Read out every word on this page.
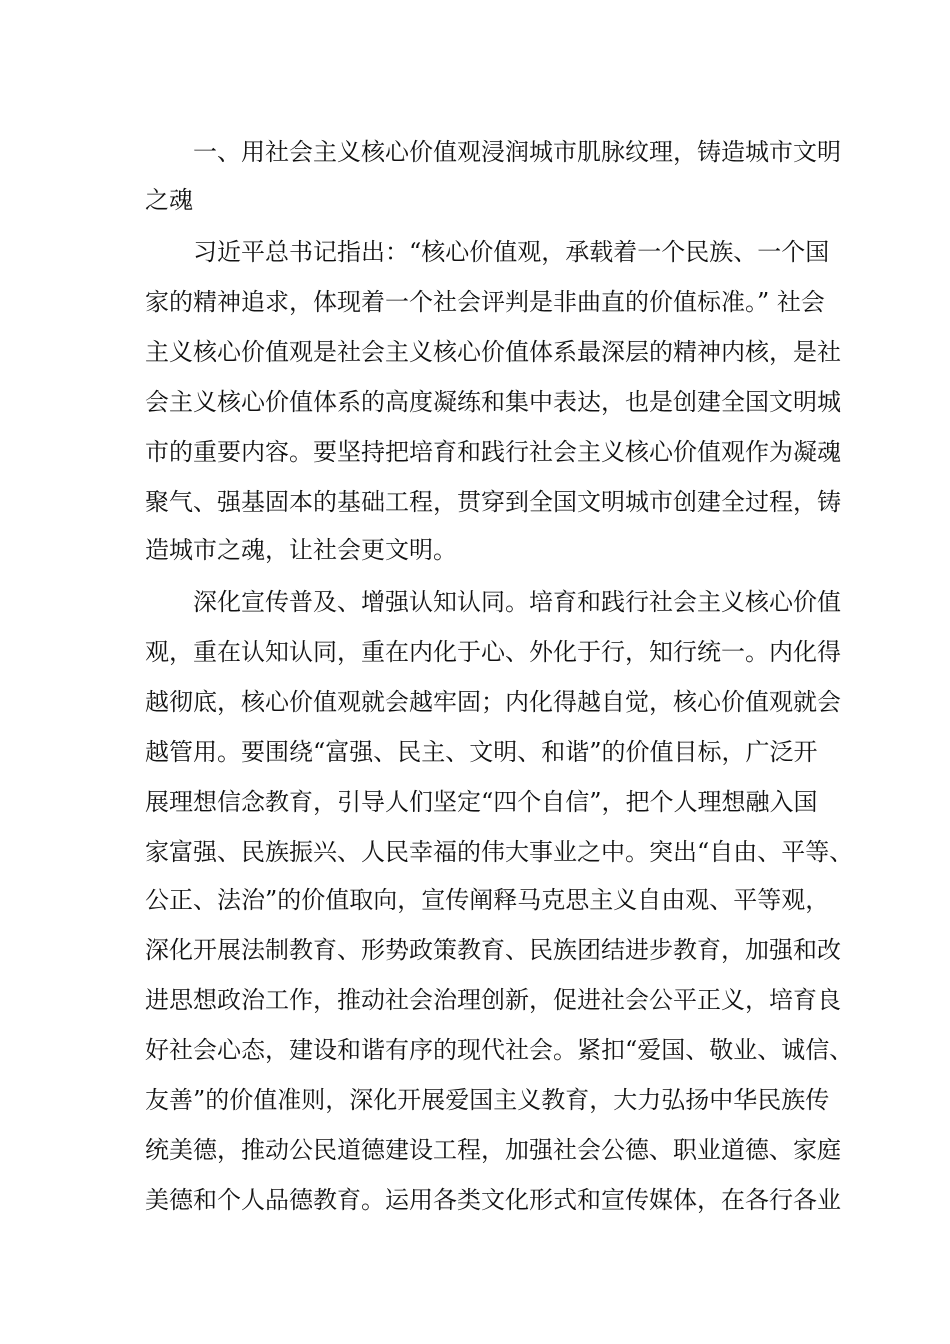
一、用社会主义核心价值观浸润城市肌脉纹理，铸造城市文明
之魂
习近平总书记指出：“核心价值观，承载着一个民族、一个国
家的精神追求，体现着一个社会评判是非曲直的价值标准。” 社会
主义核心价值观是社会主义核心价值体系最深层的精神内核，是社
会主义核心价值体系的高度凝练和集中表达，也是创建全国文明城
市的重要内容。要坚持把培育和践行社会主义核心价值观作为凝魂
聚气、强基固本的基础工程，贯穿到全国文明城市创建全过程，铸
造城市之魂，让社会更文明。
深化宣传普及、增强认知认同。培育和践行社会主义核心价值
观，重在认知认同，重在内化于心、外化于行，知行统一。内化得
越彻底，核心价值观就会越牢固；内化得越自觉，核心价值观就会
越管用。要围绕“富强、民主、文明、和谐”的价值目标，广泛开
展理想信念教育，引导人们坚定“四个自信”，把个人理想融入国
家富强、民族振兴、人民幸福的伟大事业之中。突出“自由、平等、
公正、法治”的价值取向，宣传阐释马克思主义自由观、平等观，
深化开展法制教育、形势政策教育、民族团结进步教育，加强和改
进思想政治工作，推动社会治理创新，促进社会公平正义，培育良
好社会心态，建设和谐有序的现代社会。紧扣“爱国、敬业、诚信、
友善”的价值准则，深化开展爱国主义教育，大力弘扬中华民族传
统美德，推动公民道德建设工程，加强社会公德、职业道德、家庭
美德和个人品德教育。运用各类文化形式和宣传媒体，在各行各业
